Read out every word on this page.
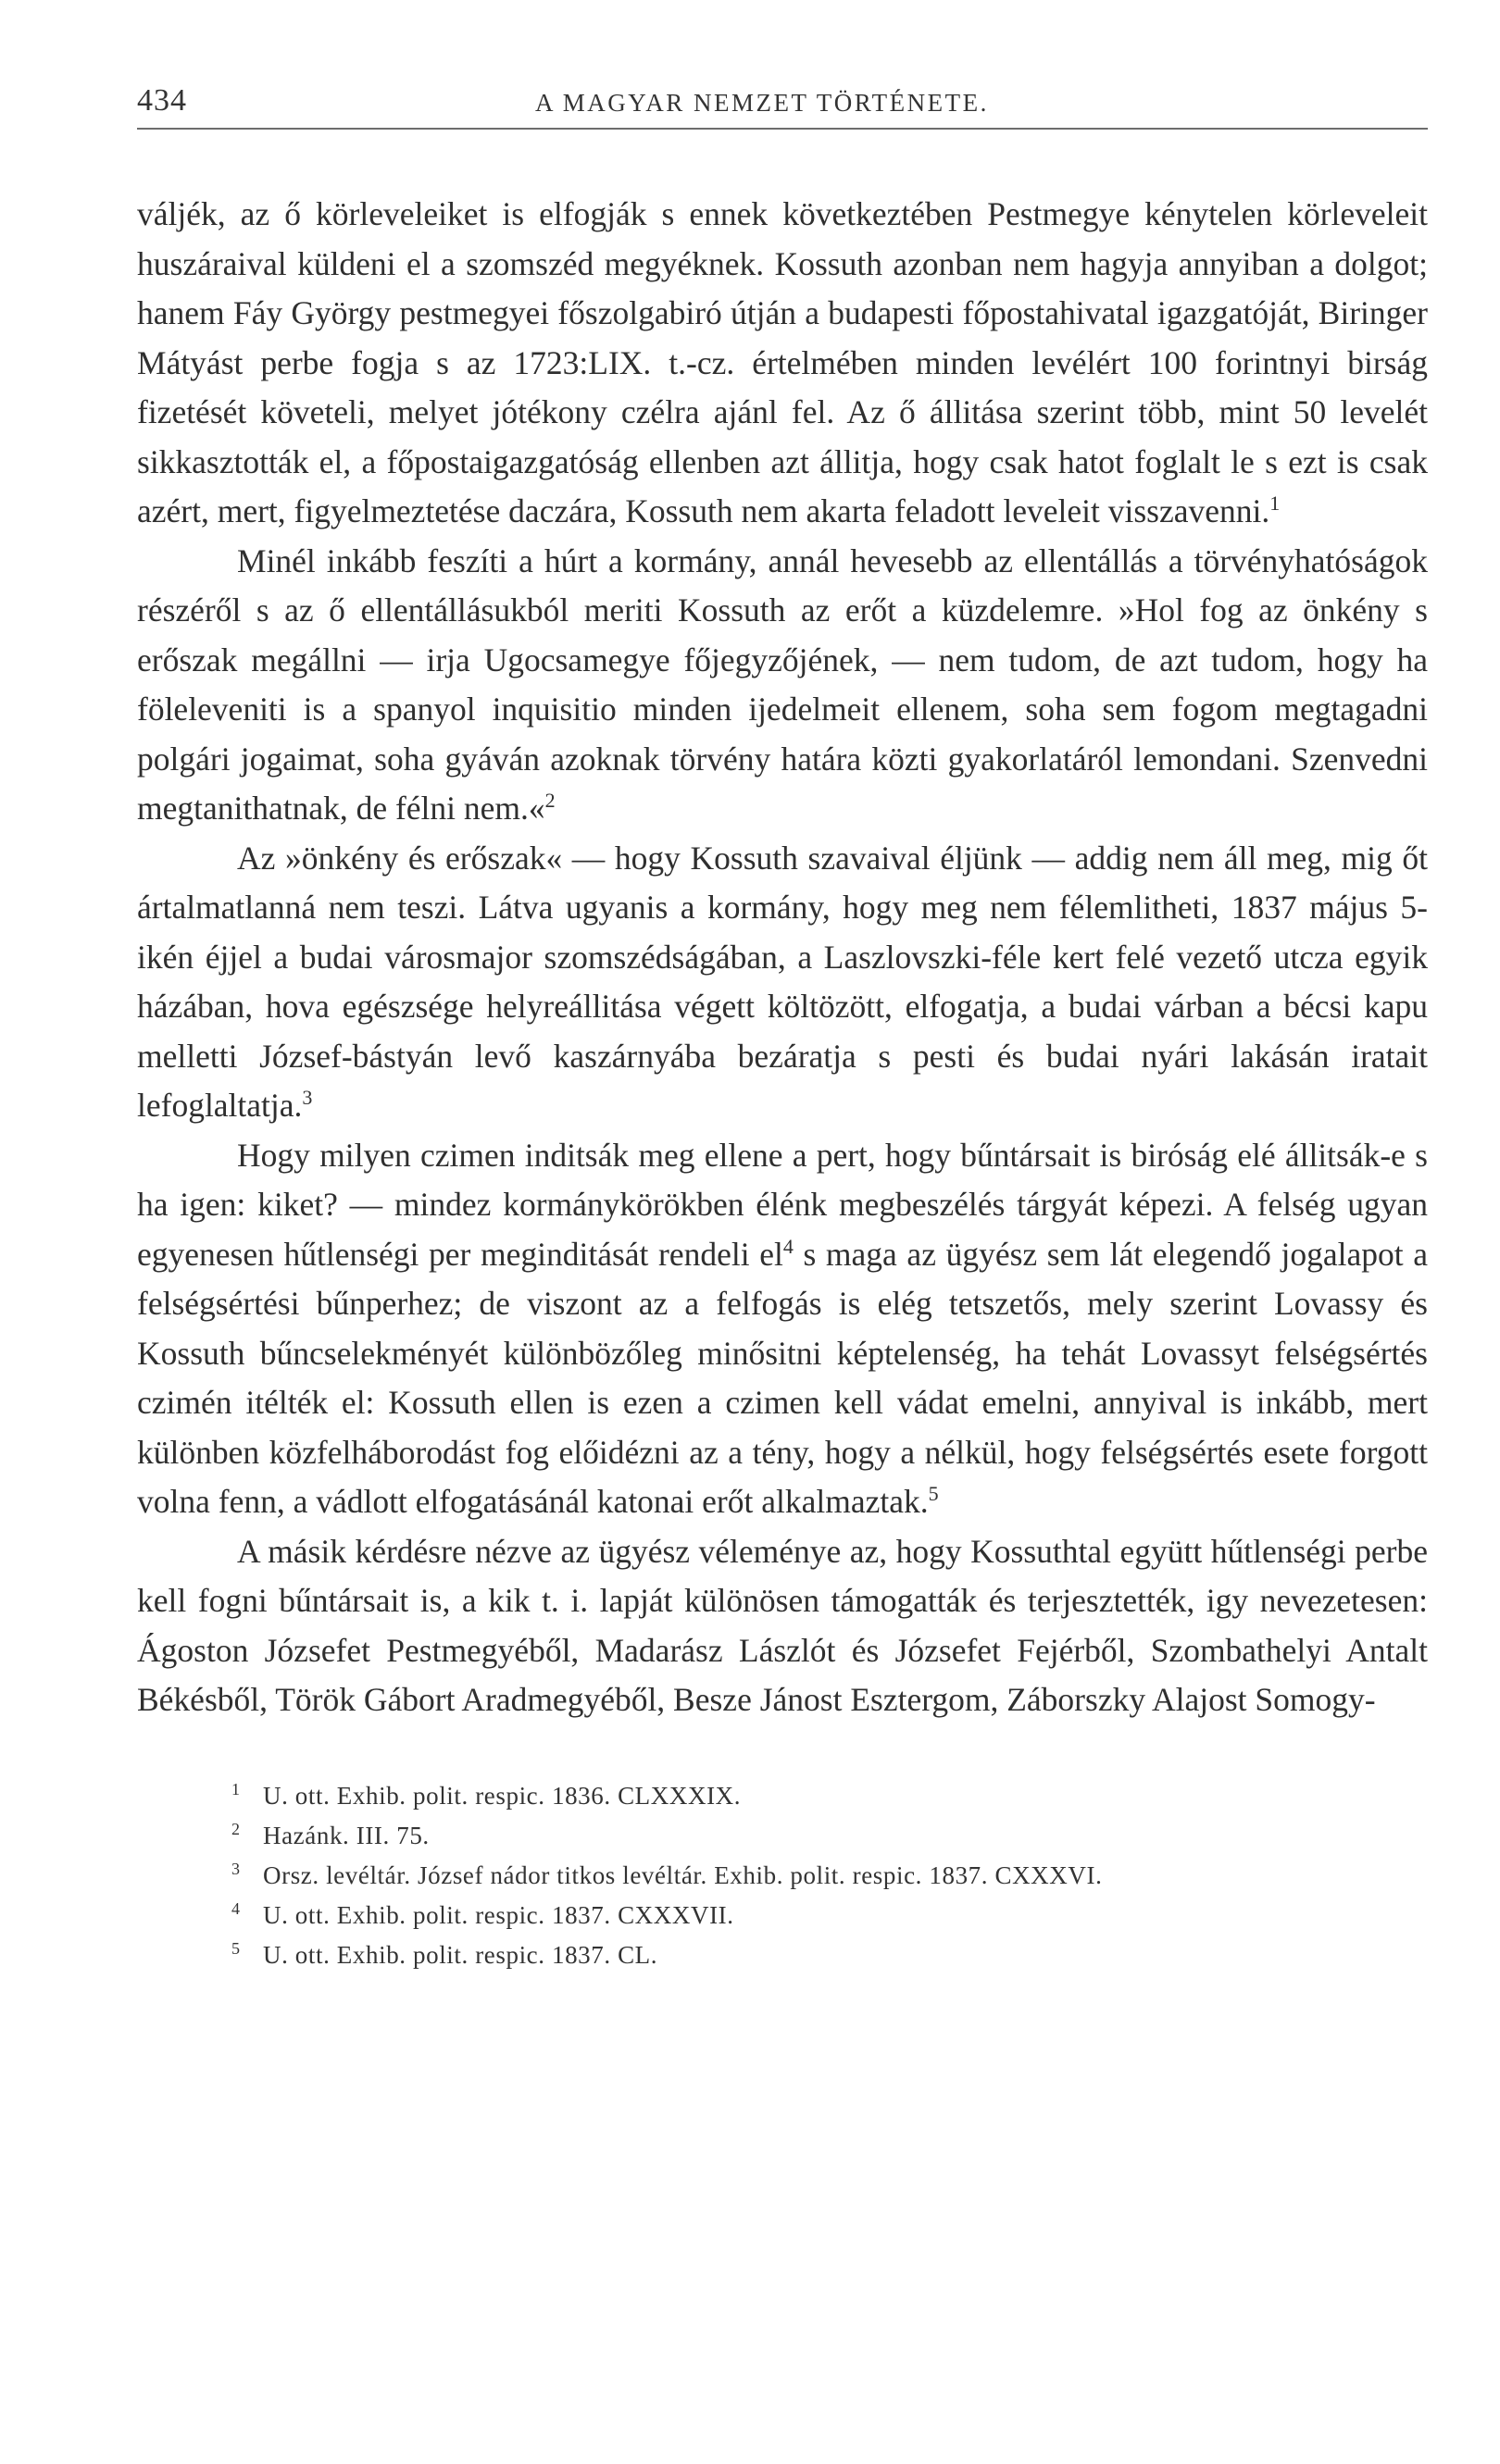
434	A MAGYAR NEMZET TÖRTÉNETE.

váljék, az ő körleveleiket is elfogják s ennek következtében Pestmegye kénytelen körleveleit huszáraival küldeni el a szomszéd megyéknek. Kossuth azonban nem hagyja annyiban a dolgot; hanem Fáy György pestmegyei főszolgabiró útján a budapesti főpostahivatal igazgatóját, Biringer Mátyást perbe fogja s az 1723:LIX. t.-cz. értelmében minden levélért 100 forintnyi birság fizetését követeli, melyet jótékony czélra ajánl fel. Az ő állitása szerint több, mint 50 levelét sikkasztották el, a főpostaigazgatóság ellenben azt állitja, hogy csak hatot foglalt le s ezt is csak azért, mert, figyelmeztetése daczára, Kossuth nem akarta feladott leveleit visszavenni.$^1$

Minél inkább feszíti a húrt a kormány, annál hevesebb az ellentállás a törvényhatóságok részéről s az ő ellentállásukból meriti Kossuth az erőt a küzdelemre. »Hol fog az önkény s erőszak megállni — irja Ugocsamegye főjegyzőjének, — nem tudom, de azt tudom, hogy ha föleleveniti is a spanyol inquisitio minden ijedelmeit ellenem, soha sem fogom megtagadni polgári jogaimat, soha gyáván azoknak törvény határa közti gyakorlatáról lemondani. Szenvedni megtanithatnak, de félni nem.«$^2$

Az »önkény és erőszak« — hogy Kossuth szavaival éljünk — addig nem áll meg, mig őt ártalmatlanná nem teszi. Látva ugyanis a kormány, hogy meg nem félemlitheti, 1837 május 5-ikén éjjel a budai városmajor szomszédságában, a Laszlovszki-féle kert felé vezető utcza egyik házában, hova egészsége helyreállitása végett költözött, elfogatja, a budai várban a bécsi kapu melletti József-bástyán levő kaszárnyába bezáratja s pesti és budai nyári lakásán iratait lefoglaltatja.$^3$

Hogy milyen czimen inditsák meg ellene a pert, hogy bűntársait is biróság elé állitsák-e s ha igen: kiket? — mindez kormánykörökben élénk megbeszélés tárgyát képezi. A felség ugyan egyenesen hűtlenségi per meginditását rendeli $el^4$ s maga az ügyész sem lát elegendő jogalapot a felségsértési bűnperhez; de viszont az a felfogás is elég tetszetős, mely szerint Lovassy és Kossuth bűncselekményét különbözőleg minősitni képtelenség, ha tehát Lovassyt felségsértés czimén itélték el: Kossuth ellen is ezen a czimen kell vádat emelni, annyival is inkább, mert különben közfelháborodást fog előidézni az a tény, hogy a nélkül, hogy felségsértés esete forgott volna fenn, a vádlott elfogatásánál katonai erőt alkalmaztak.$^5$

A másik kérdésre nézve az ügyész véleménye az, hogy Kossuthtal együtt hűtlenségi perbe kell fogni bűntársait is, a kik t. i. lapját különösen támogatták és terjesztették, igy nevezetesen: Ágoston Józsefet Pestmegyéből, Madarász Lászlót és Józsefet Fejérből, Szombathelyi Antalt Békésből, Török Gábort Aradmegyéből, Besze Jánost Esztergom, Záborszky Alajost Somogy-

1 U. ott. Exhib. polit. respic. 1836. CLXXXIX.
2 Hazánk. III. 75.
3 Orsz. levéltár. József nádor titkos levéltár. Exhib. polit. respic. 1837. CXXXVI.
4 U. ott. Exhib. polit. respic. 1837. CXXXVII.
5 U. ott. Exhib. polit. respic. 1837. CL.
